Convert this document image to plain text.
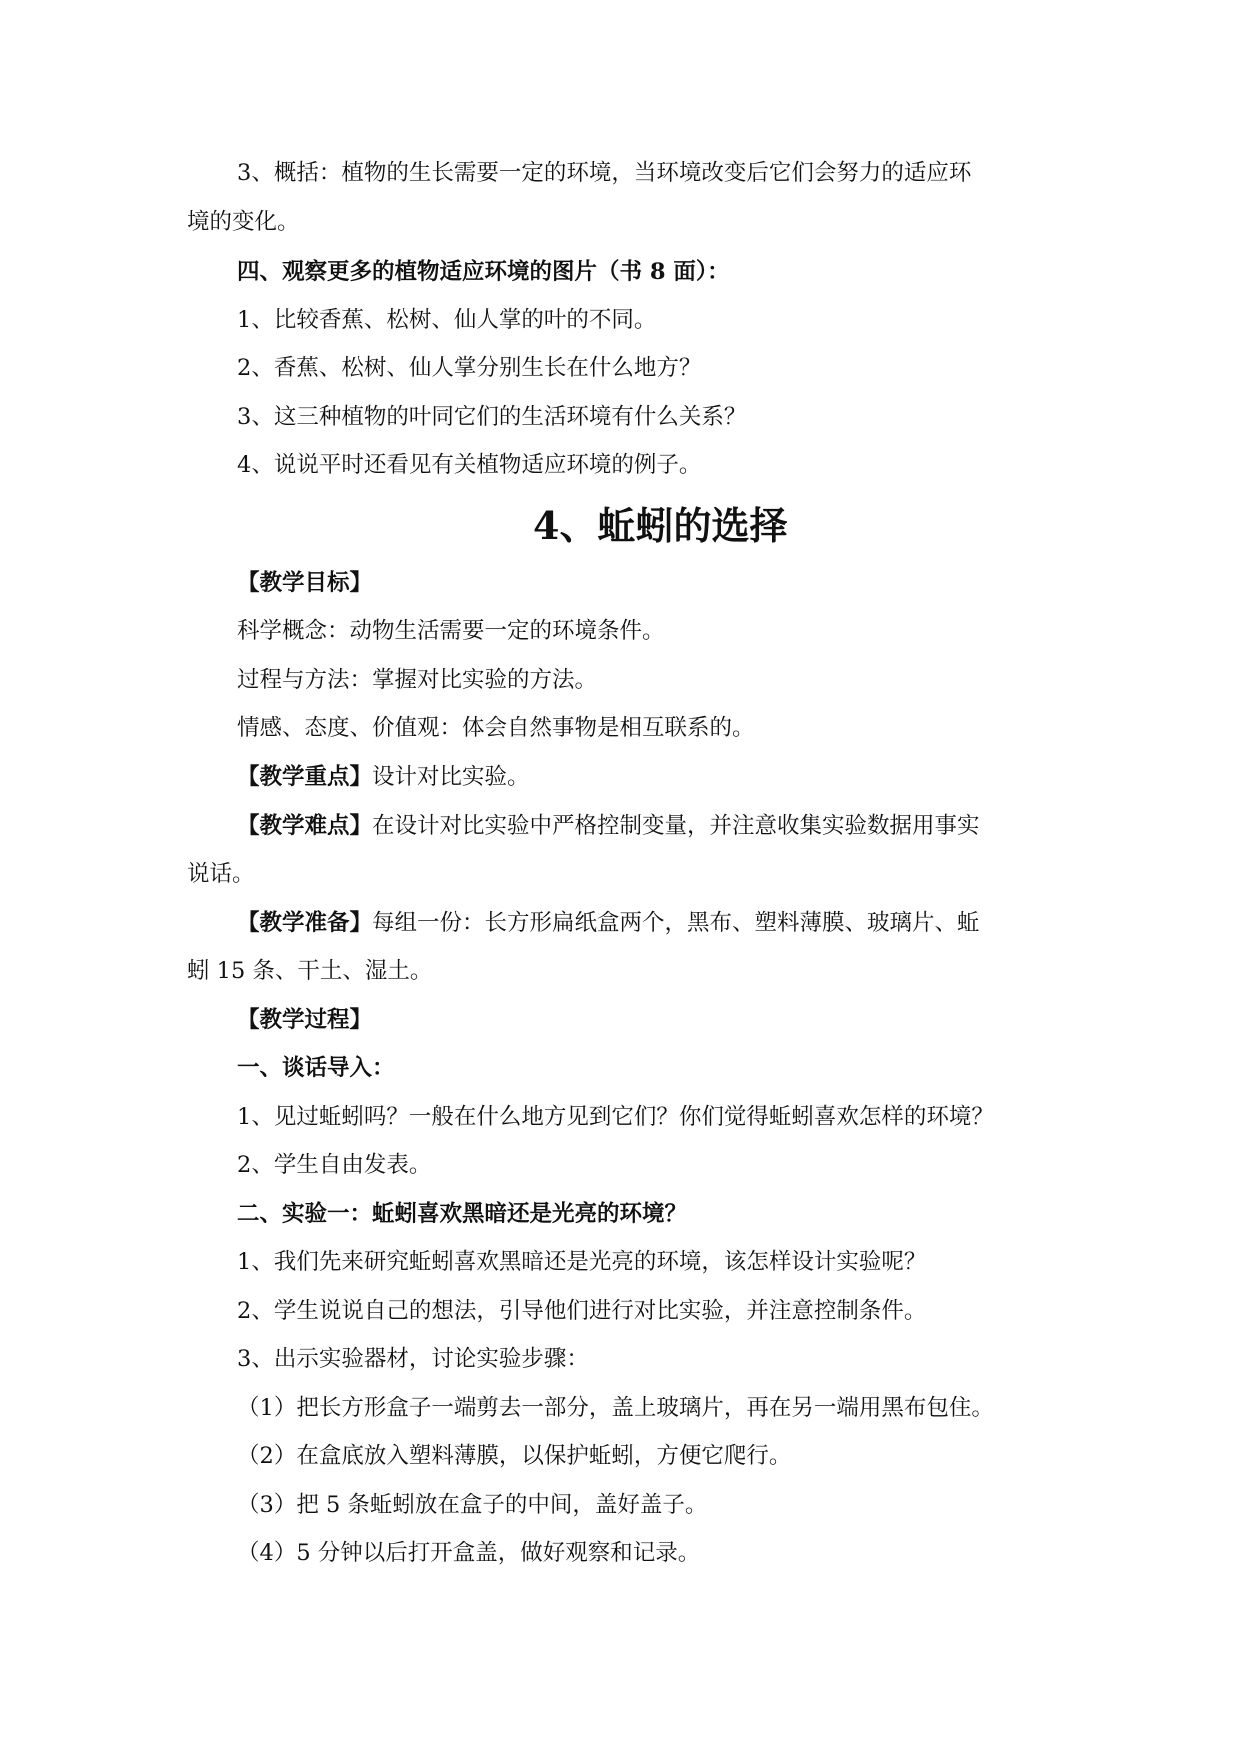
3、概括：植物的生长需要一定的环境，当环境改变后它们会努力的适应环

境的变化。

四、观察更多的植物适应环境的图片（书 8 面）：

1、比较香蕉、松树、仙人掌的叶的不同。

2、香蕉、松树、仙人掌分别生长在什么地方？

3、这三种植物的叶同它们的生活环境有什么关系？

4、说说平时还看见有关植物适应环境的例子。

4、蚯蚓的选择

【教学目标】

科学概念：动物生活需要一定的环境条件。

过程与方法：掌握对比实验的方法。

情感、态度、价值观：体会自然事物是相互联系的。

【教学重点】设计对比实验。

【教学难点】在设计对比实验中严格控制变量，并注意收集实验数据用事实

说话。

【教学准备】每组一份：长方形扁纸盒两个，黑布、塑料薄膜、玻璃片、蚯

蚓 15 条、干土、湿土。

【教学过程】

一、谈话导入：

1、见过蚯蚓吗？一般在什么地方见到它们？你们觉得蚯蚓喜欢怎样的环境？

2、学生自由发表。

二、实验一：蚯蚓喜欢黑暗还是光亮的环境？

1、我们先来研究蚯蚓喜欢黑暗还是光亮的环境，该怎样设计实验呢？

2、学生说说自己的想法，引导他们进行对比实验，并注意控制条件。

3、出示实验器材，讨论实验步骤：

（1）把长方形盒子一端剪去一部分，盖上玻璃片，再在另一端用黑布包住。

（2）在盒底放入塑料薄膜，以保护蚯蚓，方便它爬行。

（3）把 5 条蚯蚓放在盒子的中间，盖好盖子。

（4）5 分钟以后打开盒盖，做好观察和记录。
